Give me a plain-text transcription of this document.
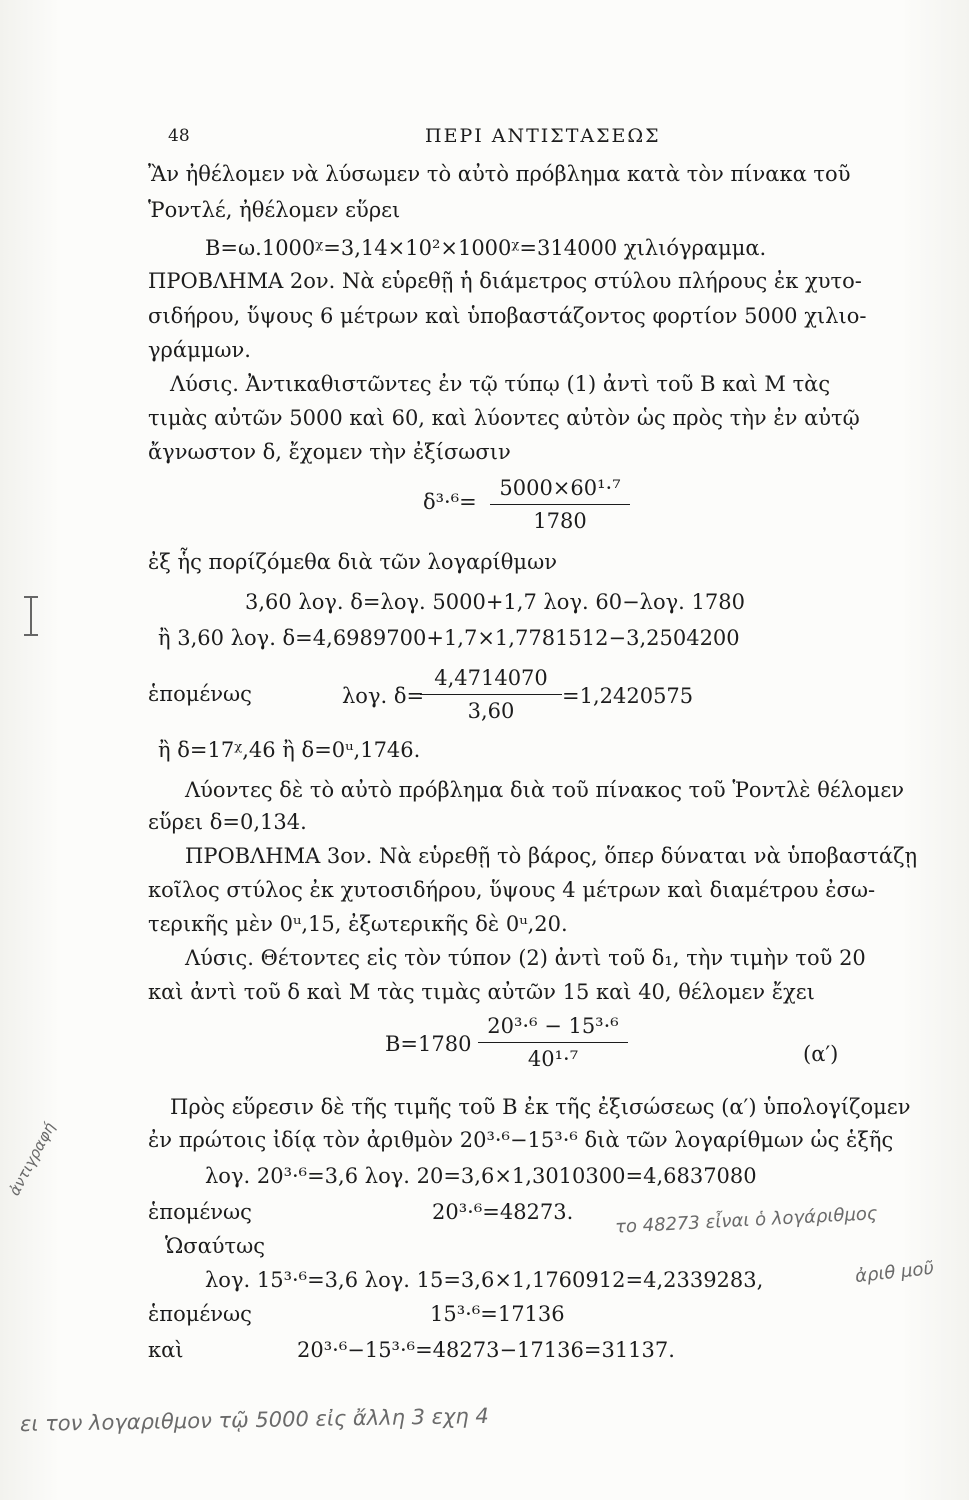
48	ΠΕΡΙ ΑΝΤΙΣΤΑΣΕΩΣ
Ἂν ἠθέλομεν νὰ λύσωμεν τὸ αὐτὸ πρόβλημα κατὰ τὸν πίνακα τοῦ
Ῥοντλέ, ἠθέλομεν εὕρει
B=ω.1000ᵡ=3,14×10²×1000ᵡ=314000 χιλιόγραμμα.
ΠΡΟΒΛΗΜΑ 2ον. Νὰ εὑρεθῇ ἡ διάμετρος στύλου πλήρους ἐκ χυτο-
σιδήρου, ὕψους 6 μέτρων καὶ ὑποβαστάζοντος φορτίον 5000 χιλιο-
γράμμων.
Λύσις. Ἀντικαθιστῶντες ἐν τῷ τύπῳ (1) ἀντὶ τοῦ B καὶ M τὰς
τιμὰς αὐτῶν 5000 καὶ 60, καὶ λύοντες αὐτὸν ὡς πρὸς τὴν ἐν αὐτῷ
ἄγνωστον δ, ἔχομεν τὴν ἐξίσωσιν
δ³·⁶=
5000×60¹·⁷
1780
ἐξ ἧς πορίζόμεθα διὰ τῶν λογαρίθμων
3,60 λογ. δ=λογ. 5000+1,7 λογ. 60−λογ. 1780
ἢ 3,60 λογ. δ=4,6989700+1,7×1,7781512−3,2504200
ἑπομένως	λογ. δ=
4,4714070
3,60
=1,2420575
ἢ δ=17ᵡ,46 ἢ δ=0ᵘ,1746.
Λύοντες δὲ τὸ αὐτὸ πρόβλημα διὰ τοῦ πίνακος τοῦ Ῥοντλὲ θέλομεν
εὕρει δ=0,134.
ΠΡΟΒΛΗΜΑ 3ον. Νὰ εὑρεθῇ τὸ βάρος, ὅπερ δύναται νὰ ὑποβαστάζῃ
κοῖλος στύλος ἐκ χυτοσιδήρου, ὕψους 4 μέτρων καὶ διαμέτρου ἐσω-
τερικῆς μὲν 0ᵘ,15, ἐξωτερικῆς δὲ 0ᵘ,20.
Λύσις. Θέτοντες εἰς τὸν τύπον (2) ἀντὶ τοῦ δ₁, τὴν τιμὴν τοῦ 20
καὶ ἀντὶ τοῦ δ καὶ M τὰς τιμὰς αὐτῶν 15 καὶ 40, θέλομεν ἔχει
B=1780
20³·⁶ − 15³·⁶
40¹·⁷	(α′)
Πρὸς εὕρεσιν δὲ τῆς τιμῆς τοῦ B ἐκ τῆς ἐξισώσεως (α′) ὑπολογίζομεν
ἐν πρώτοις ἰδίᾳ τὸν ἀριθμὸν 20³·⁶−15³·⁶ διὰ τῶν λογαρίθμων ὡς ἑξῆς
λογ. 20³·⁶=3,6 λογ. 20=3,6×1,3010300=4,6837080
ἑπομένως	20³·⁶=48273.
Ὡσαύτως
λογ. 15³·⁶=3,6 λογ. 15=3,6×1,1760912=4,2339283,
ἑπομένως	15³·⁶=17136
καὶ	20³·⁶−15³·⁶=48273−17136=31137.
το 48273 εἶναι ὁ λογάριθμος
ἀριθ μοῦ
ἀντιγραφή
ει τον λογαριθμον τῷ 5000 εἰς ἄλλη 3 εχη 4
